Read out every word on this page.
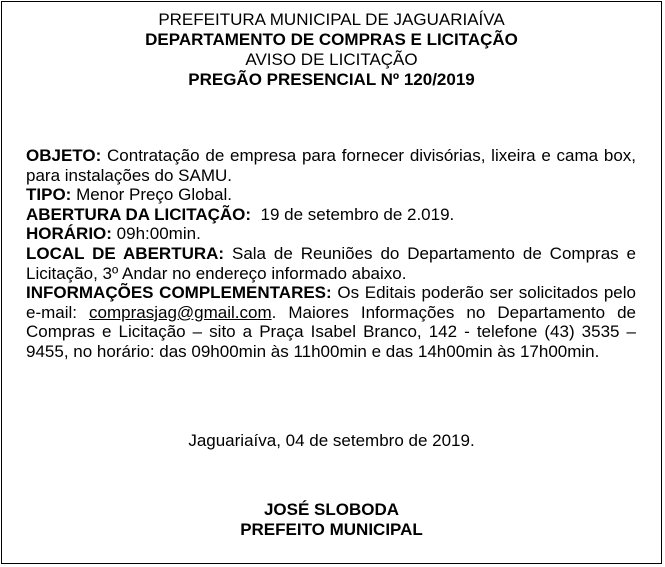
PREFEITURA MUNICIPAL DE JAGUARIAÍVA
DEPARTAMENTO DE COMPRAS E LICITAÇÃO
AVISO DE LICITAÇÃO
PREGÃO PRESENCIAL Nº 120/2019
OBJETO: Contratação de empresa para fornecer divisórias, lixeira e cama box, para instalações do SAMU.
TIPO: Menor Preço Global.
ABERTURA DA LICITAÇÃO:  19 de setembro de 2.019.
HORÁRIO: 09h:00min.
LOCAL DE ABERTURA: Sala de Reuniões do Departamento de Compras e Licitação, 3º Andar no endereço informado abaixo.
INFORMAÇÕES COMPLEMENTARES: Os Editais poderão ser solicitados pelo e-mail: comprasjag@gmail.com. Maiores Informações no Departamento de Compras e Licitação – sito a Praça Isabel Branco, 142 - telefone (43) 3535 – 9455, no horário: das 09h00min às 11h00min e das 14h00min às 17h00min.
Jaguariaíva, 04 de setembro de 2019.
JOSÉ SLOBODA
PREFEITO MUNICIPAL
